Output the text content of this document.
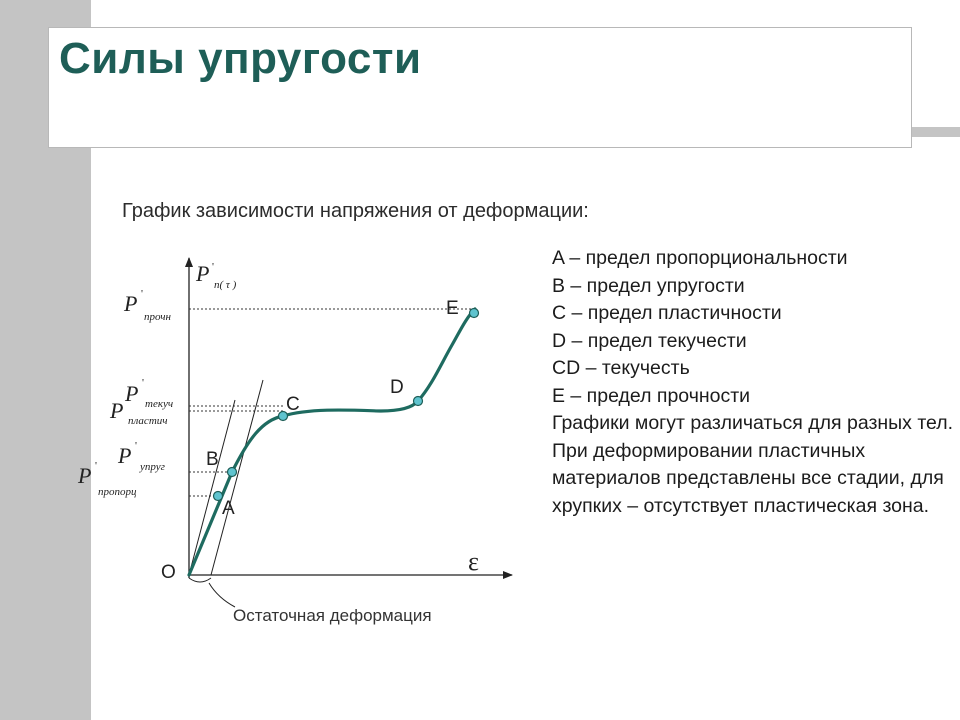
Силы упругости
График зависимости напряжения от деформации:
A – предел пропорциональности
B – предел упругости
C – предел пластичности
D – предел текучести
CD – текучесть
E – предел прочности
Графики могут различаться для разных тел. При деформировании пластичных материалов представлены все стадии, для хрупких – отсутствует пластическая зона.
A
B
C
D
E
O	ε
P '
n( τ )
P '
прочн
P '
текуч
P пластич
P '
упруг
P '
пропорц
Остаточная деформация
